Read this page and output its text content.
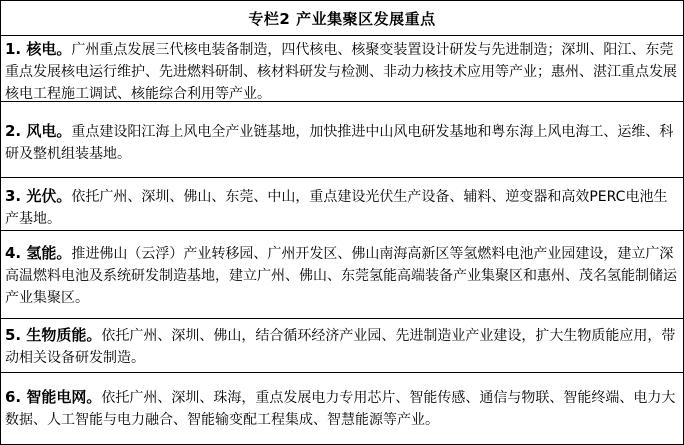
专栏2 产业集聚区发展重点
1. 核电。广州重点发展三代核电装备制造，四代核电、核聚变装置设计研发与先进制造；深圳、阳江、东莞重点发展核电运行维护、先进燃料研制、核材料研发与检测、非动力核技术应用等产业；惠州、湛江重点发展核电工程施工调试、核能综合利用等产业。
2. 风电。重点建设阳江海上风电全产业链基地，加快推进中山风电研发基地和粤东海上风电海工、运维、科研及整机组装基地。
3. 光伏。依托广州、深圳、佛山、东莞、中山，重点建设光伏生产设备、辅料、逆变器和高效PERC电池生产基地。
4. 氢能。推进佛山（云浮）产业转移园、广州开发区、佛山南海高新区等氢燃料电池产业园建设，建立广深高温燃料电池及系统研发制造基地，建立广州、佛山、东莞氢能高端装备产业集聚区和惠州、茂名氢能制储运产业集聚区。
5. 生物质能。依托广州、深圳、佛山，结合循环经济产业园、先进制造业产业建设，扩大生物质能应用，带动相关设备研发制造。
6. 智能电网。依托广州、深圳、珠海，重点发展电力专用芯片、智能传感、通信与物联、智能终端、电力大数据、人工智能与电力融合、智能输变配工程集成、智慧能源等产业。
